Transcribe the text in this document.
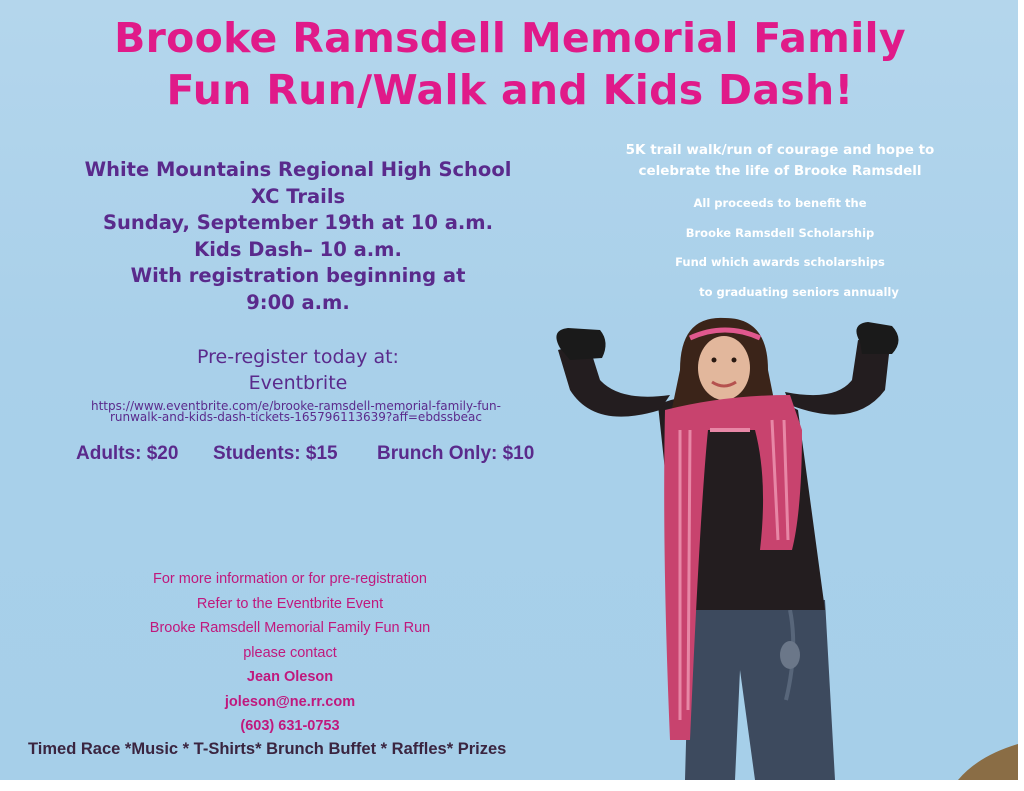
Brooke Ramsdell Memorial Family
Fun Run/Walk and Kids Dash!
White Mountains Regional High School
XC Trails
Sunday, September 19th at 10 a.m.
Kids Dash– 10 a.m.
With registration beginning at
9:00 a.m.
Pre-register today at:
Eventbrite
https://www.eventbrite.com/e/brooke-ramsdell-memorial-family-fun-
runwalk-and-kids-dash-tickets-165796113639?aff=ebdssbeac
Adults: $20 Students: $15 Brunch Only: $10
5K trail walk/run of courage and hope to
celebrate the life of Brooke Ramsdell
All proceeds to benefit the
Brooke Ramsdell Scholarship
Fund which awards scholarships
to graduating seniors annually
For more information or for pre-registration
Refer to the Eventbrite Event
Brooke Ramsdell Memorial Family Fun Run
please contact
Jean Oleson
joleson@ne.rr.com
(603) 631-0753
Timed Race *Music * T-Shirts* Brunch Buffet * Raffles* Prizes
